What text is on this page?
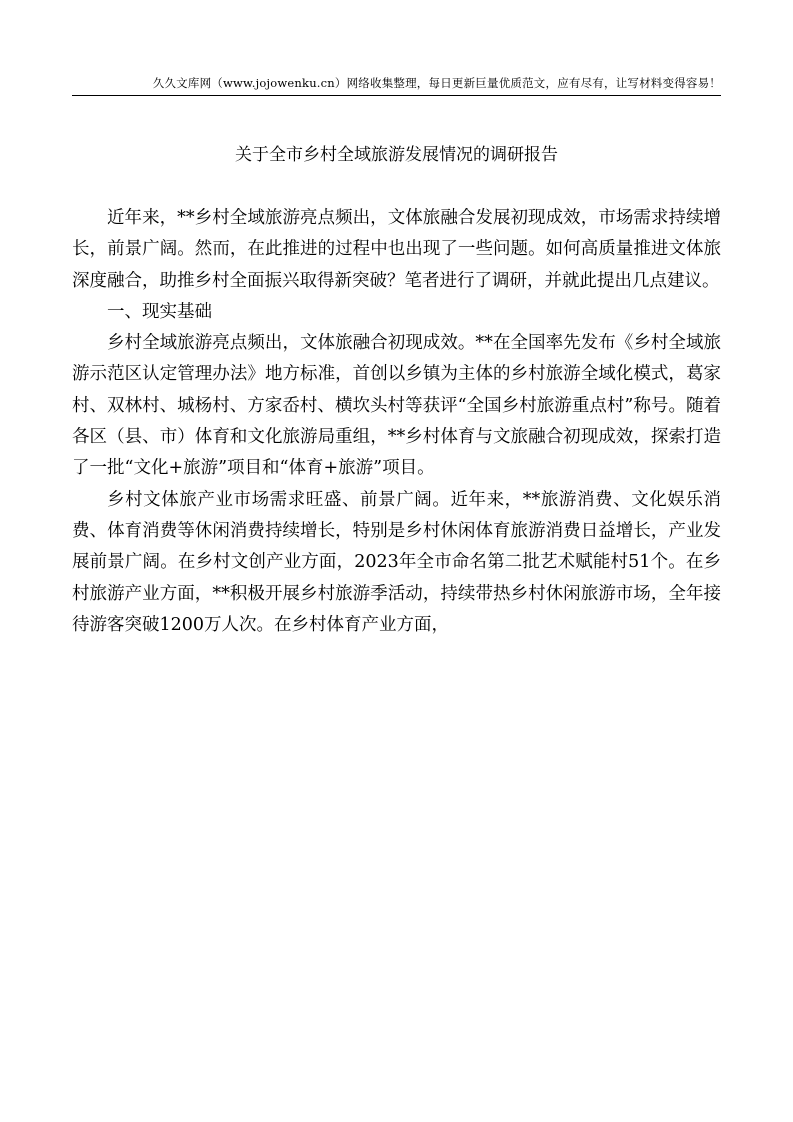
久久文库网（www.jojowenku.cn）网络收集整理，每日更新巨量优质范文，应有尽有，让写材料变得容易！
关于全市乡村全域旅游发展情况的调研报告

近年来，**乡村全域旅游亮点频出，文体旅融合发展初现成效，市场需求持续增长，前景广阔。然而，在此推进的过程中也出现了一些问题。如何高质量推进文体旅深度融合，助推乡村全面振兴取得新突破？笔者进行了调研，并就此提出几点建议。

一、现实基础

乡村全域旅游亮点频出，文体旅融合初现成效。**在全国率先发布《乡村全域旅游示范区认定管理办法》地方标准，首创以乡镇为主体的乡村旅游全域化模式，葛家村、双林村、城杨村、方家岙村、横坎头村等获评“全国乡村旅游重点村”称号。随着各区（县、市）体育和文化旅游局重组，**乡村体育与文旅融合初现成效，探索打造了一批“文化+旅游”项目和“体育+旅游”项目。

乡村文体旅产业市场需求旺盛、前景广阔。近年来，**旅游消费、文化娱乐消费、体育消费等休闲消费持续增长，特别是乡村休闲体育旅游消费日益增长，产业发展前景广阔。在乡村文创产业方面，2023年全市命名第二批艺术赋能村51个。在乡村旅游产业方面，**积极开展乡村旅游季活动，持续带热乡村休闲旅游市场，全年接待游客突破1200万人次。在乡村体育产业方面，
